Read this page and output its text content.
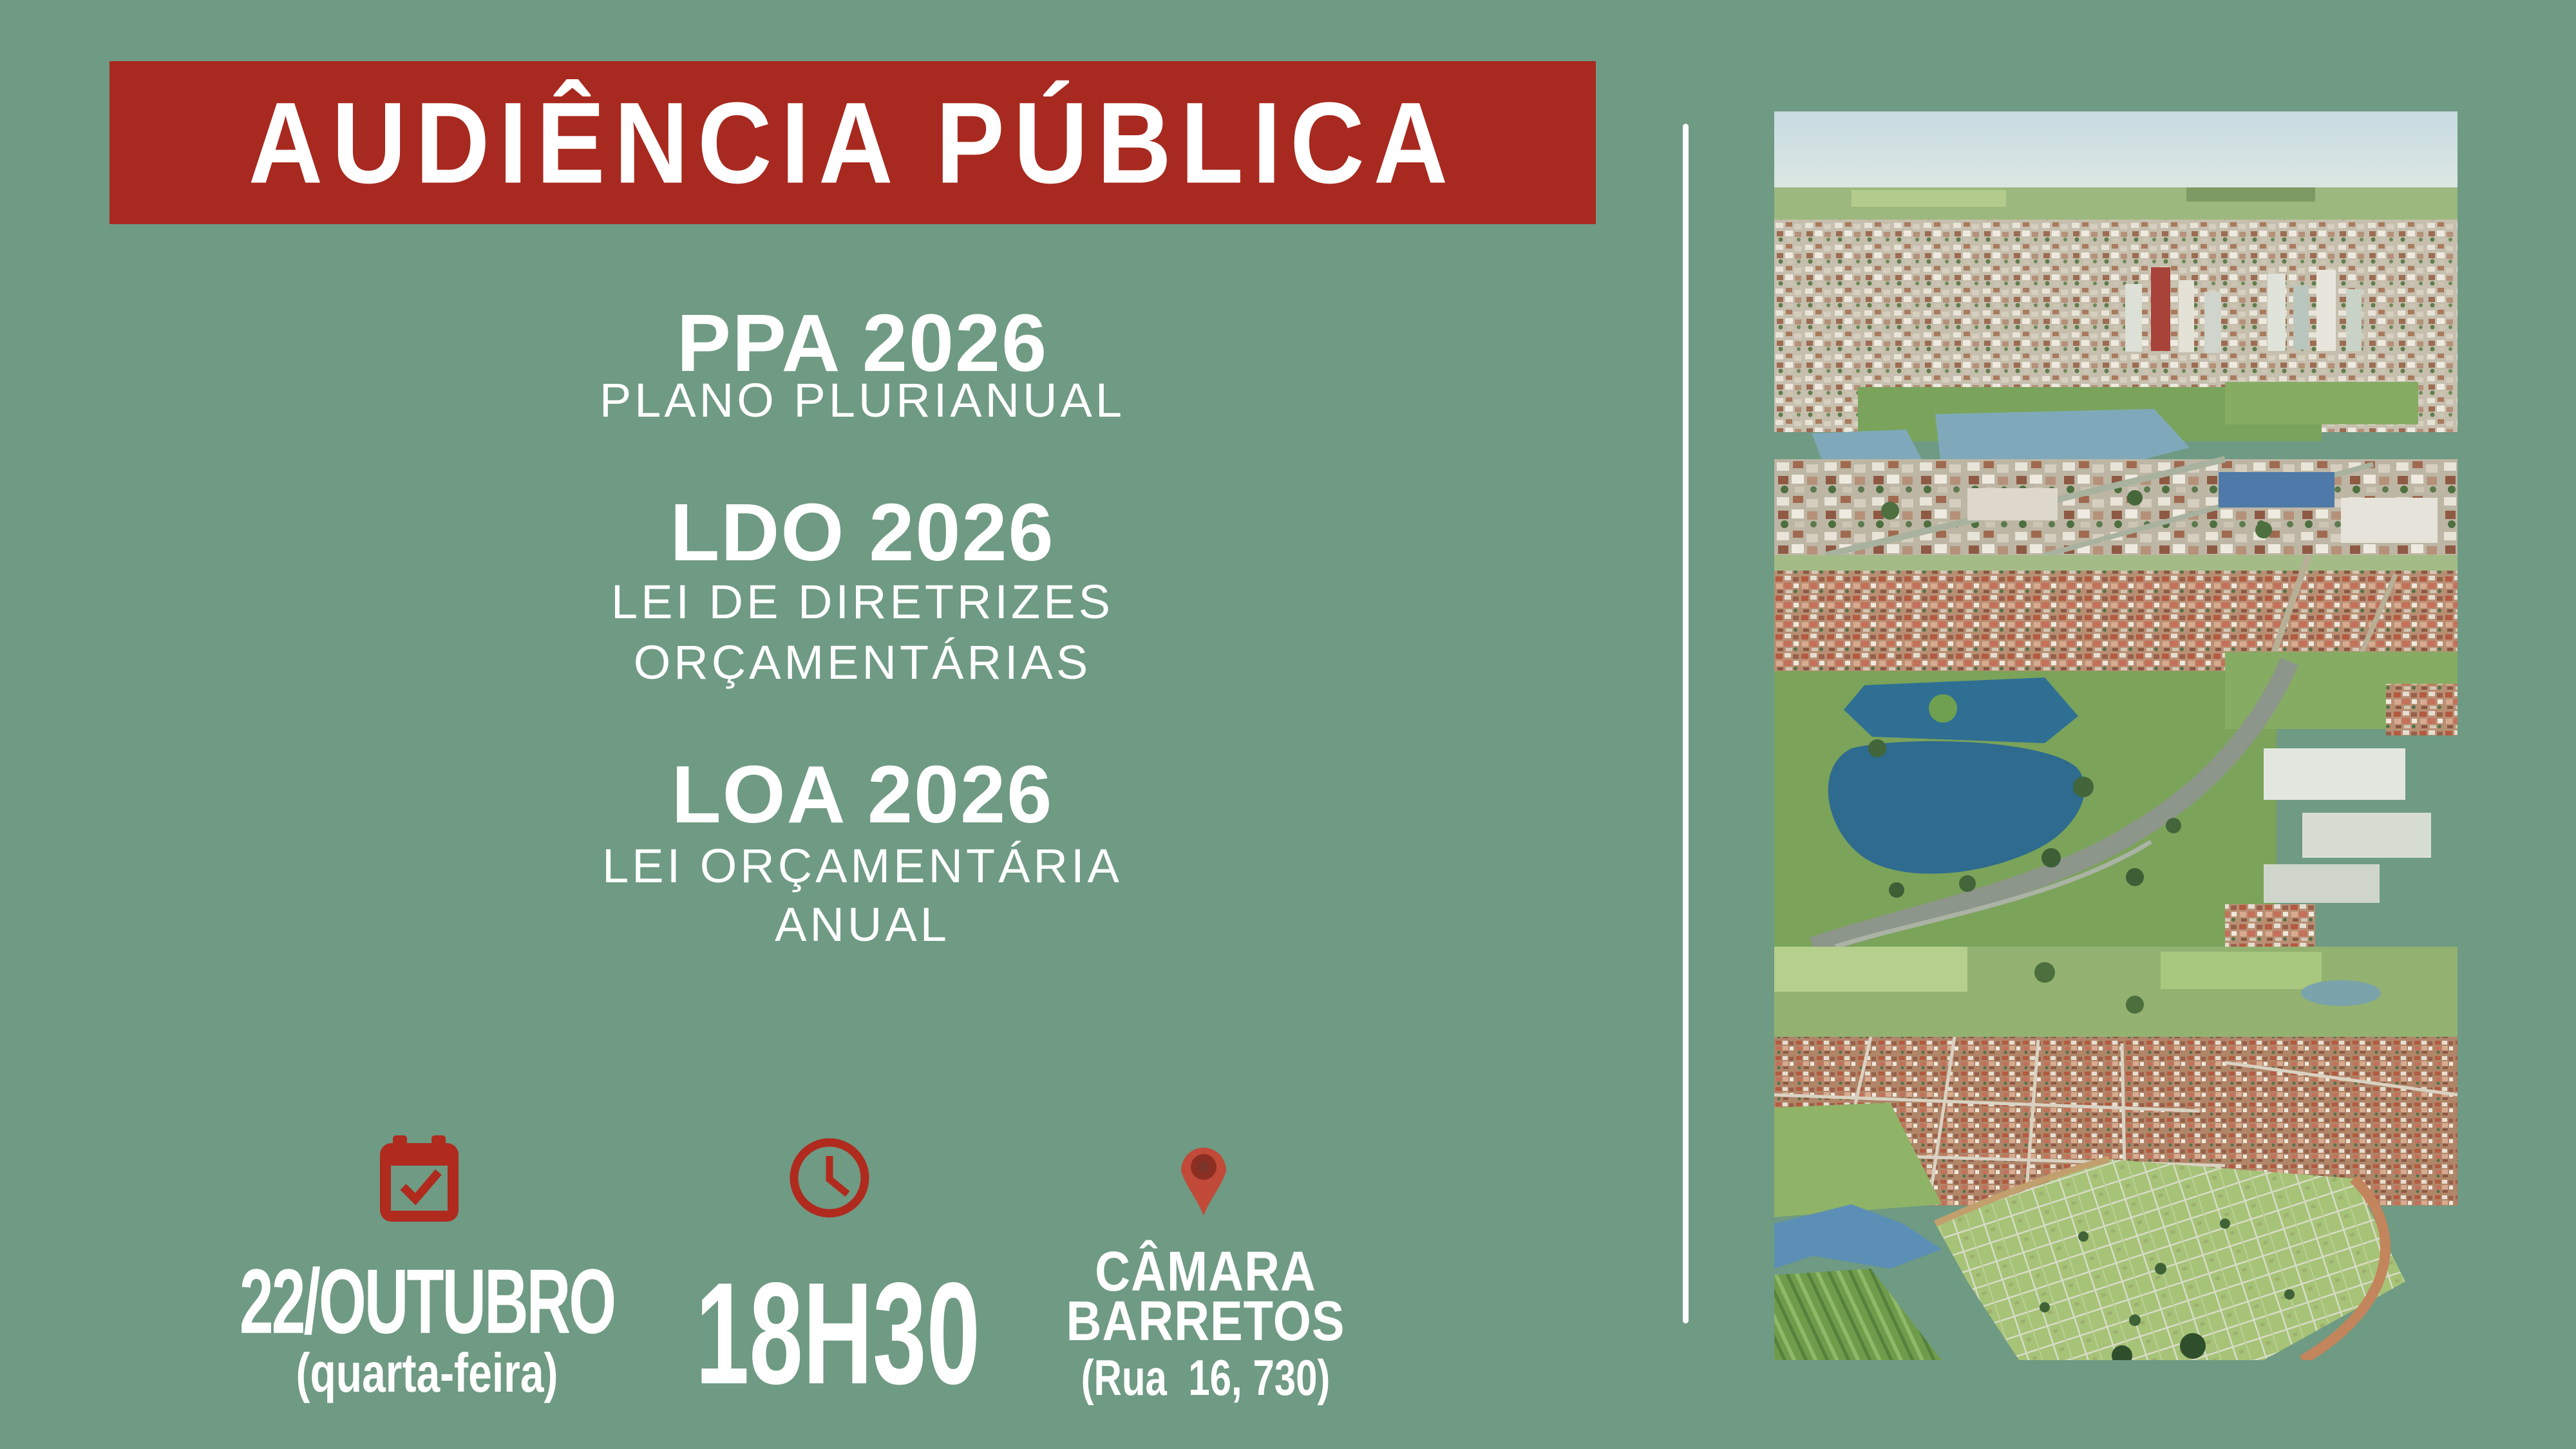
AUDIÊNCIA PÚBLICA
PPA 2026
PLANO PLURIANUAL
LDO 2026
LEI DE DIRETRIZES
ORÇAMENTÁRIAS
LOA 2026
LEI ORÇAMENTÁRIA
ANUAL
22/OUTUBRO
(quarta-feira)	18H30	CÂMARA
BARRETOS
(Rua  16, 730)
